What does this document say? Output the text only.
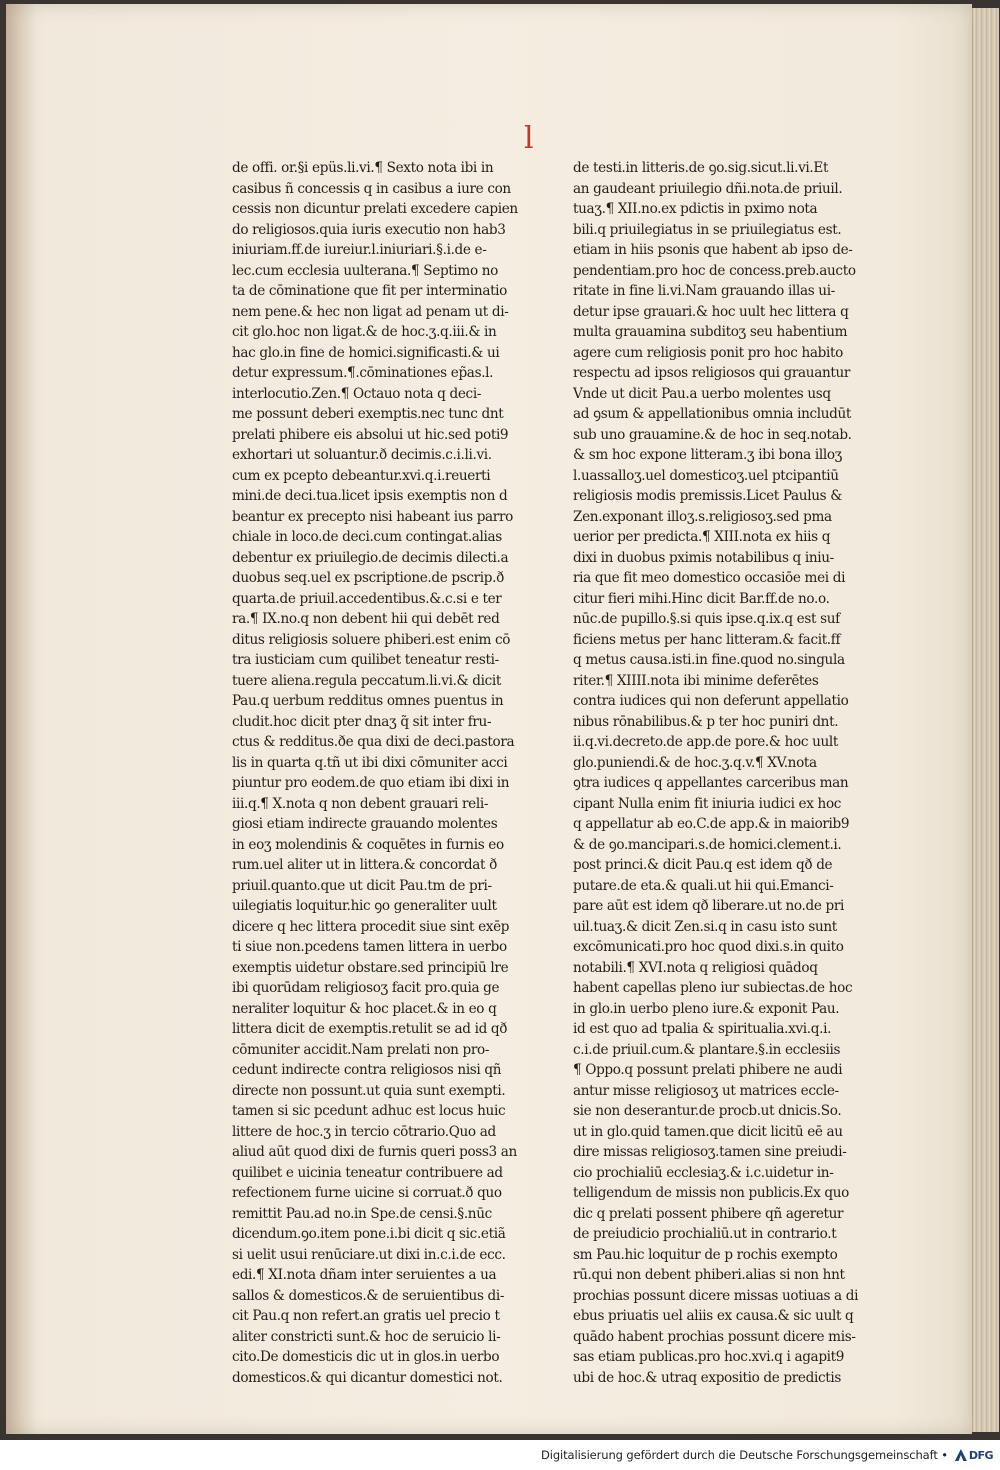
l
de offi. or.§i epüs.li.vi.¶ Sexto nota ibi in
casibus ñ concessis q in casibus a iure con
cessis non dicuntur prelati excedere capien
do religiosos.quia iuris executio non hab3
iniuriam.ff.de iureiur.l.iniuriari.§.i.de e-
lec.cum ecclesia uulterana.¶ Septimo no
ta de cōminatione que fit per interminatio
nem pene.& hec non ligat ad penam ut di-
cit glo.hoc non ligat.& de hoc.ʒ.q.iii.& in
hac glo.in fine de homici.significasti.& ui
detur expressum.¶.cōminationes ep̃as.l.
interlocutio.Zen.¶ Octauo nota q deci-
me possunt deberi exemptis.nec tunc dnt
prelati phibere eis absolui ut hic.sed poti9
exhortari ut soluantur.ð decimis.c.i.li.vi.
cum ex pcepto debeantur.xvi.q.i.reuerti
mini.de deci.tua.licet ipsis exemptis non d
beantur ex precepto nisi habeant ius parro
chiale in loco.de deci.cum contingat.alias
debentur ex priuilegio.de decimis dilecti.a
duobus seq.uel ex pscriptione.de pscrip.ð
quarta.de priuil.accedentibus.&.c.si e ter
ra.¶ IX.no.q non debent hii qui debēt red
ditus religiosis soluere phiberi.est enim cō
tra iusticiam cum quilibet teneatur resti-
tuere aliena.regula peccatum.li.vi.& dicit
Pau.q uerbum redditus omnes puentus in
cludit.hoc dicit pter dnaʒ q̃ sit inter fru-
ctus & redditus.ðe qua dixi de deci.pastora
lis in quarta q.tñ ut ibi dixi cōmuniter acci
piuntur pro eodem.de quo etiam ibi dixi in
iii.q.¶ X.nota q non debent grauari reli-
giosi etiam indirecte grauando molentes
in eoʒ molendinis & coquētes in furnis eo
rum.uel aliter ut in littera.& concordat ð
priuil.quanto.que ut dicit Pau.tm de pri-
uilegiatis loquitur.hic ꝯo generaliter uult
dicere q hec littera procedit siue sint exēp
ti siue non.pcedens tamen littera in uerbo
exemptis uidetur obstare.sed principiū lre
ibi quorūdam religiosoʒ facit pro.quia ge
neraliter loquitur & hoc placet.& in eo q
littera dicit de exemptis.retulit se ad id qð
cōmuniter accidit.Nam prelati non pro-
cedunt indirecte contra religiosos nisi qñ
directe non possunt.ut quia sunt exempti.
tamen si sic pcedunt adhuc est locus huic
littere de hoc.ʒ in tercio cōtrario.Quo ad
aliud aūt quod dixi de furnis queri poss3 an
quilibet e uicinia teneatur contribuere ad
refectionem furne uicine si corruat.ð quo
remittit Pau.ad no.in Spe.de censi.§.nūc
dicendum.ꝯo.item pone.i.bi dicit q sic.etiã
si uelit usui renūciare.ut dixi in.c.i.de ecc.
edi.¶ XI.nota dñam inter seruientes a ua
sallos & domesticos.& de seruientibus di-
cit Pau.q non refert.an gratis uel precio t
aliter constricti sunt.& hoc de seruicio li-
cito.De domesticis dic ut in glos.in uerbo
domesticos.& qui dicantur domestici not.
de testi.in litteris.de ꝯo.sig.sicut.li.vi.Et
an gaudeant priuilegio dñi.nota.de priuil.
tuaʒ.¶ XII.no.ex pdictis in pximo nota
bili.q priuilegiatus in se priuilegiatus est.
etiam in hiis psonis que habent ab ipso de-
pendentiam.pro hoc de concess.preb.aucto
ritate in fine li.vi.Nam grauando illas ui-
detur ipse grauari.& hoc uult hec littera q
multa grauamina subditoʒ seu habentium
agere cum religiosis ponit pro hoc habito
respectu ad ipsos religiosos qui grauantur
Vnde ut dicit Pau.a uerbo molentes usq
ad ꝯsum & appellationibus omnia includūt
sub uno grauamine.& de hoc in seq.notab.
& sm hoc expone litteram.ʒ ibi bona illoʒ
l.uassalloʒ.uel domesticoʒ.uel ptcipantiū
religiosis modis premissis.Licet Paulus &
Zen.exponant illoʒ.s.religiosoʒ.sed pma
uerior per predicta.¶ XIII.nota ex hiis q
dixi in duobus pximis notabilibus q iniu-
ria que fit meo domestico occasiōe mei di
citur fieri mihi.Hinc dicit Bar.ff.de no.o.
nūc.de pupillo.§.si quis ipse.q.ix.q est suf
ficiens metus per hanc litteram.& facit.ff
q metus causa.isti.in fine.quod no.singula
riter.¶ XIIII.nota ibi minime deferētes
contra iudices qui non deferunt appellatio
nibus rōnabilibus.& p ter hoc puniri dnt.
ii.q.vi.decreto.de app.de pore.& hoc uult
glo.puniendi.& de hoc.ʒ.q.v.¶ XV.nota
ꝯtra iudices q appellantes carceribus man
cipant Nulla enim fit iniuria iudici ex hoc
q appellatur ab eo.C.de app.& in maiorib9
& de ꝯo.mancipari.s.de homici.clement.i.
post princi.& dicit Pau.q est idem qð de
putare.de eta.& quali.ut hii qui.Emanci-
pare aūt est idem qð liberare.ut no.de pri
uil.tuaʒ.& dicit Zen.si.q in casu isto sunt
excōmunicati.pro hoc quod dixi.s.in quito
notabili.¶ XVI.nota q religiosi quādoq
habent capellas pleno iur subiectas.de hoc
in glo.in uerbo pleno iure.& exponit Pau.
id est quo ad tpalia & spiritualia.xvi.q.i.
c.i.de priuil.cum.& plantare.§.in ecclesiis
¶ Oppo.q possunt prelati phibere ne audi
antur misse religiosoʒ ut matrices eccle-
sie non deserantur.de procb.ut dnicis.So.
ut in glo.quid tamen.que dicit licitū eē au
dire missas religiosoʒ.tamen sine preiudi-
cio prochialiū ecclesiaʒ.& i.c.uidetur in-
telligendum de missis non publicis.Ex quo
dic q prelati possent phibere qñ ageretur
de preiudicio prochialiū.ut in contrario.t
sm Pau.hic loquitur de p rochis exempto
rū.qui non debent phiberi.alias si non hnt
prochias possunt dicere missas uotiuas a di
ebus priuatis uel aliis ex causa.& sic uult q
quādo habent prochias possunt dicere mis-
sas etiam publicas.pro hoc.xvi.q i agapit9
ubi de hoc.& utraq expositio de predictis
Digitalisierung gefördert durch die Deutsche Forschungsgemeinschaft • DFG
